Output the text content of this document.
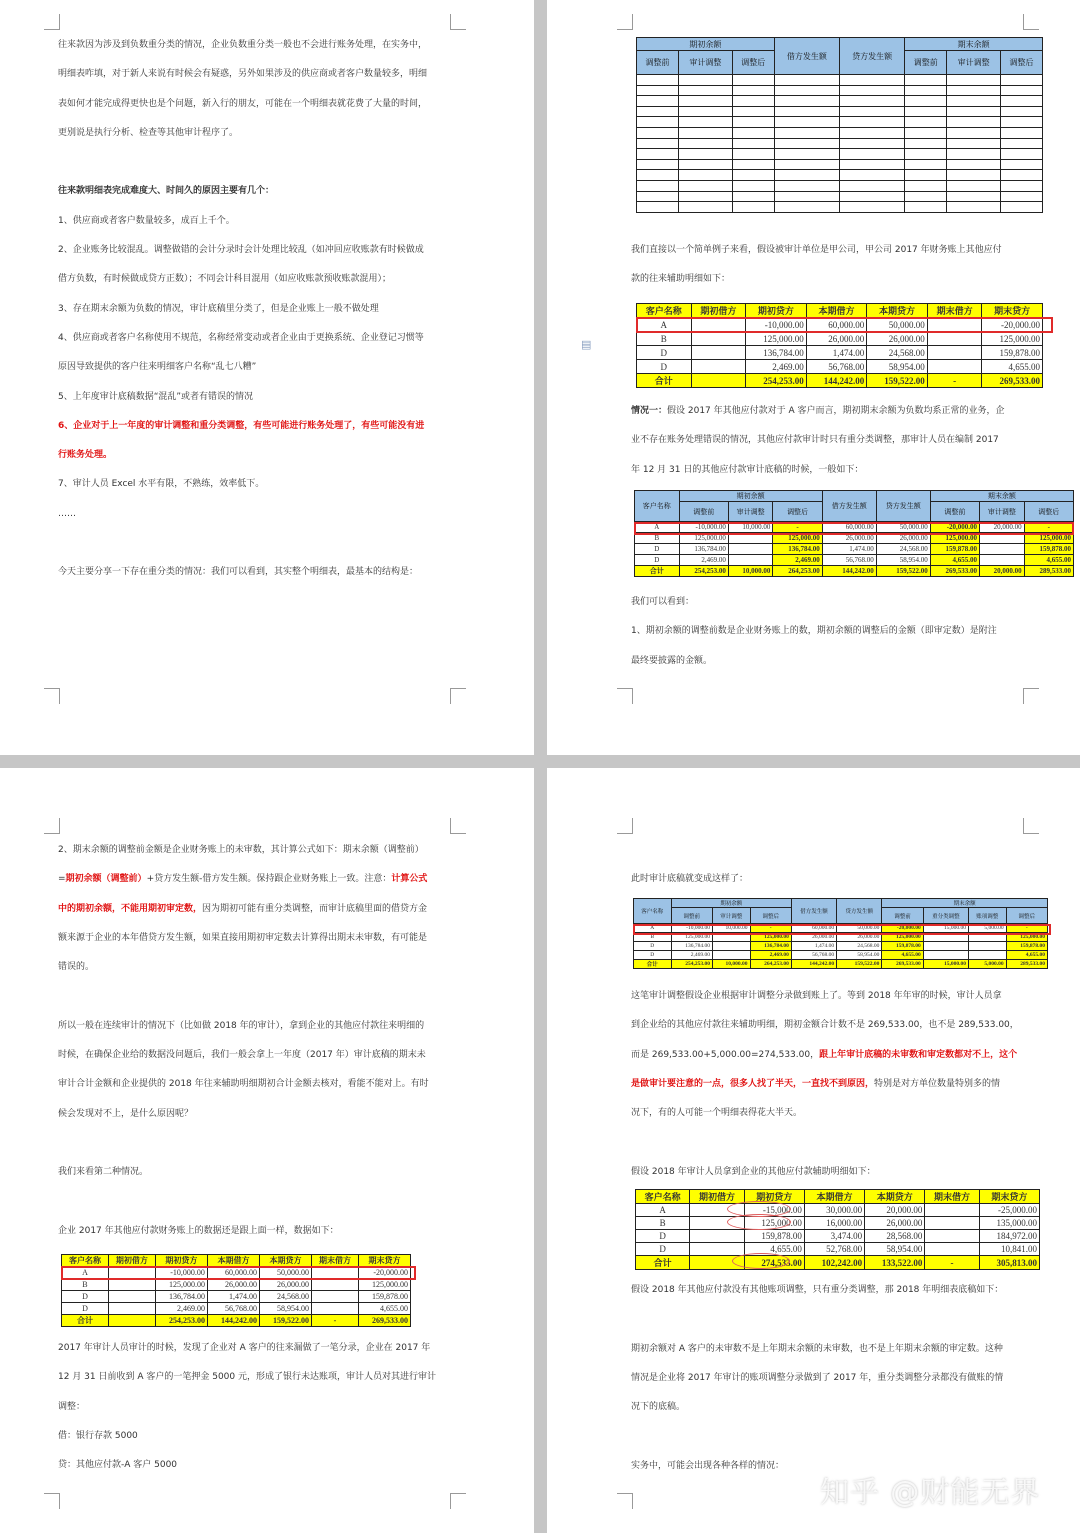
往来款因为涉及到负数重分类的情况，企业负数重分类一般也不会进行账务处理，在实务中，

明细表咋填，对于新人来说有时候会有疑惑，另外如果涉及的供应商或者客户数量较多，明细

表如何才能完成得更快也是个问题，新入行的朋友，可能在一个明细表就花费了大量的时间，

更别说是执行分析、检查等其他审计程序了。

往来款明细表完成难度大、时间久的原因主要有几个：

1、供应商或者客户数量较多，成百上千个。

2、企业账务比较混乱。调整做错的会计分录时会计处理比较乱（如冲回应收账款有时候做成

借方负数，有时候做成贷方正数）；不同会计科目混用（如应收账款预收账款混用）；

3、存在期末余额为负数的情况，审计底稿里分类了，但是企业账上一般不做处理

4、供应商或者客户名称使用不规范，名称经常变动或者企业由于更换系统、企业登记习惯等

原因导致提供的客户往来明细客户名称“乱七八糟”

5、上年度审计底稿数据“混乱”或者有错误的情况

6、企业对于上一年度的审计调整和重分类调整，有些可能进行账务处理了，有些可能没有进

行账务处理。

7、审计人员 Excel 水平有限，不熟练，效率低下。

……

今天主要分享一下存在重分类的情况：我们可以看到，其实整个明细表，最基本的结构是：

期初余额			借方发生额	贷方发生额	期末余额		
调整前	审计调整	调整后			调整前	审计调整	调整后

我们直接以一个简单例子来看，假设被审计单位是甲公司，甲公司 2017 年财务账上其他应付

款的往来辅助明细如下：

客户名称	期初借方	期初贷方	本期借方	本期贷方	期末借方	期末贷方
A		-10,000.00	60,000.00	50,000.00		-20,000.00
B		125,000.00	26,000.00	26,000.00		125,000.00
D		136,784.00	1,474.00	24,568.00		159,878.00
D		2,469.00	56,768.00	58,954.00		4,655.00
合计		254,253.00	144,242.00	159,522.00	-	269,533.00

情况一：假设 2017 年其他应付款对于 A 客户而言，期初期末余额为负数均系正常的业务，企

业不存在账务处理错误的情况，其他应付款审计时只有重分类调整，那审计人员在编制 2017

年 12 月 31 日的其他应付款审计底稿的时候，一般如下：

客户名称	期初余额			借方发生额	贷方发生额	期末余额		
	调整前	审计调整	调整后			调整前	审计调整	调整后
A	-10,000.00	10,000.00	-	60,000.00	50,000.00	-20,000.00	20,000.00	-
B	125,000.00		125,000.00	26,000.00	26,000.00	125,000.00		125,000.00
D	136,784.00		136,784.00	1,474.00	24,568.00	159,878.00		159,878.00
D	2,469.00		2,469.00	56,768.00	58,954.00	4,655.00		4,655.00
合计	254,253.00	10,000.00	264,253.00	144,242.00	159,522.00	269,533.00	20,000.00	289,533.00

我们可以看到：

1、期初余额的调整前数是企业财务账上的数，期初余额的调整后的金额（即审定数）是附注

最终要披露的金额。

▤

2、期末余额的调整前金额是企业财务账上的未审数，其计算公式如下：期末余额（调整前）

=期初余额（调整前）+贷方发生额-借方发生额。保持跟企业财务账上一致。注意：计算公式

中的期初余额，不能用期初审定数，因为期初可能有重分类调整，而审计底稿里面的借贷方金

额来源于企业的本年借贷方发生额，如果直接用期初审定数去计算得出期末未审数，有可能是

错误的。

所以一般在连续审计的情况下（比如做 2018 年的审计），拿到企业的其他应付款往来明细的

时候，在确保企业给的数据没问题后，我们一般会拿上一年度（2017 年）审计底稿的期末未

审计合计金额和企业提供的 2018 年往来辅助明细期初合计金额去核对，看能不能对上。有时

候会发现对不上，是什么原因呢？

我们来看第二种情况。

企业 2017 年其他应付款财务账上的数据还是跟上面一样，数据如下：

客户名称	期初借方	期初贷方	本期借方	本期贷方	期末借方	期末贷方
A		-10,000.00	60,000.00	50,000.00		-20,000.00
B		125,000.00	26,000.00	26,000.00		125,000.00
D		136,784.00	1,474.00	24,568.00		159,878.00
D		2,469.00	56,768.00	58,954.00		4,655.00
合计		254,253.00	144,242.00	159,522.00	-	269,533.00

2017 年审计人员审计的时候，发现了企业对 A 客户的往来漏做了一笔分录，企业在 2017 年

12 月 31 日前收到 A 客户的一笔押金 5000 元，形成了银行未达账项，审计人员对其进行审计

调整：

借：银行存款 5000

贷：其他应付款-A 客户 5000

此时审计底稿就变成这样了：

客户名称	期初余额			借方发生额	贷方发生额	期末余额			
	调整前	审计调整	调整后			调整前	重分类调整	账项调整	调整后
A	-10,000.00	10,000.00	-	60,000.00	50,000.00	-20,000.00	15,000.00	5,000.00	-
B	125,000.00		125,000.00	26,000.00	26,000.00	125,000.00			125,000.00
D	136,784.00		136,784.00	1,474.00	24,568.00	159,878.00			159,878.00
D	2,469.00		2,469.00	56,768.00	58,954.00	4,655.00			4,655.00
合计	254,253.00	10,000.00	264,253.00	144,242.00	159,522.00	269,533.00	15,000.00	5,000.00	289,533.00

这笔审计调整假设企业根据审计调整分录做到账上了。等到 2018 年年审的时候，审计人员拿

到企业给的其他应付款往来辅助明细，期初金额合计数不是 269,533.00，也不是 289,533.00，

而是 269,533.00+5,000.00=274,533.00，跟上年审计底稿的未审数和审定数都对不上，这个

是做审计要注意的一点，很多人找了半天，一直找不到原因，特别是对方单位数量特别多的情

况下，有的人可能一个明细表得花大半天。

假设 2018 年审计人员拿到企业的其他应付款辅助明细如下：

客户名称	期初借方	期初贷方	本期借方	本期贷方	期末借方	期末贷方
A		-15,000.00	30,000.00	20,000.00		-25,000.00
B		125,000.00	16,000.00	26,000.00		135,000.00
D		159,878.00	3,474.00	28,568.00		184,972.00
D		4,655.00	52,768.00	58,954.00		10,841.00
合计		274,533.00	102,242.00	133,522.00	-	305,813.00

假设 2018 年其他应付款没有其他账项调整，只有重分类调整，那 2018 年明细表底稿如下：

期初余额对 A 客户的未审数不是上年期末余额的未审数，也不是上年期末余额的审定数。这种

情况是企业将 2017 年审计的账项调整分录做到了 2017 年，重分类调整分录都没有做账的情

况下的底稿。

实务中，可能会出现各种各样的情况：

知乎 @财能无界
